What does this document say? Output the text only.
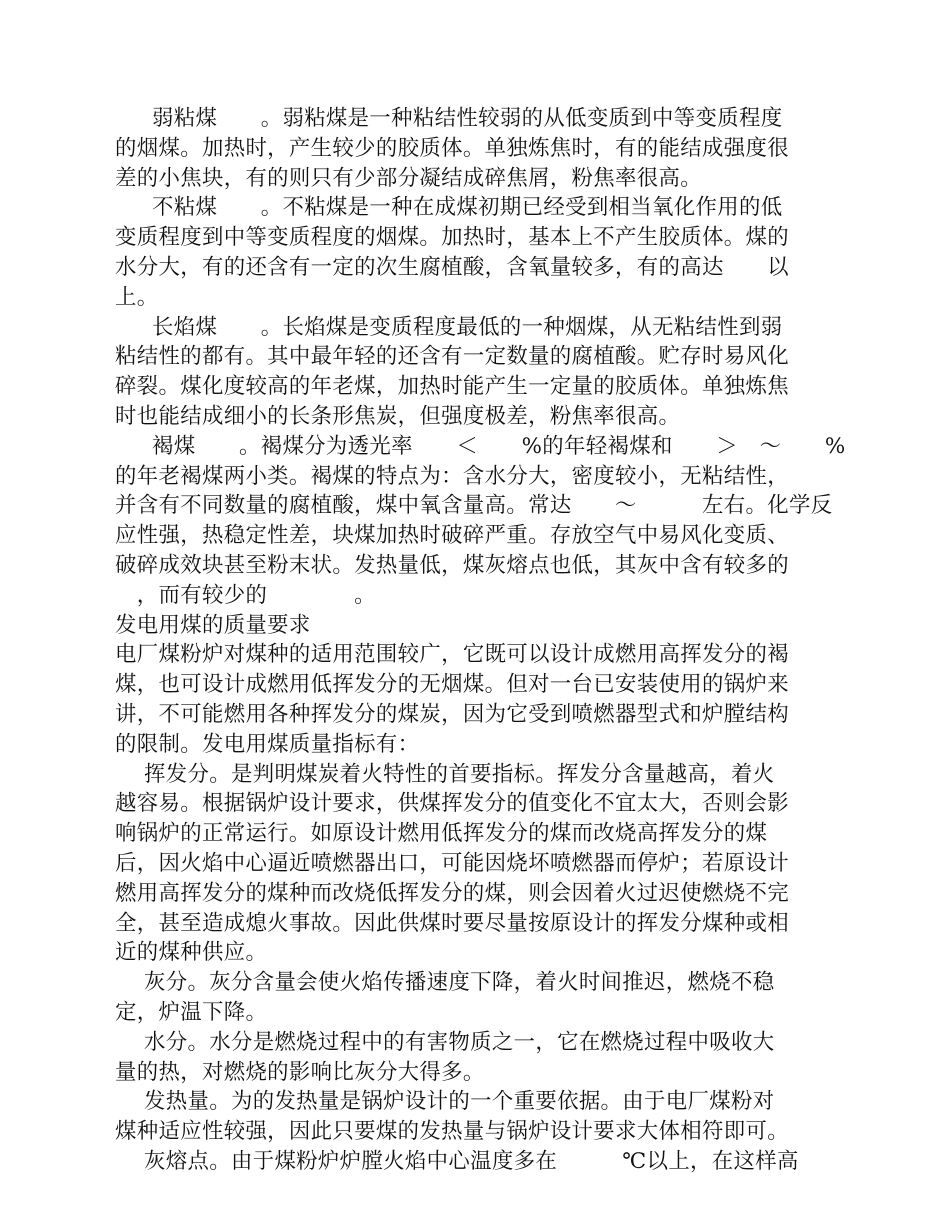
弱粘煤　　。弱粘煤是一种粘结性较弱的从低变质到中等变质程度
的烟煤。加热时，产生较少的胶质体。单独炼焦时，有的能结成强度很
差的小焦块，有的则只有少部分凝结成碎焦屑，粉焦率很高。
不粘煤　　。不粘煤是一种在成煤初期已经受到相当氧化作用的低
变质程度到中等变质程度的烟煤。加热时，基本上不产生胶质体。煤的
水分大，有的还含有一定的次生腐植酸，含氧量较多，有的高达　　以
上。
长焰煤　　。长焰煤是变质程度最低的一种烟煤，从无粘结性到弱
粘结性的都有。其中最年轻的还含有一定数量的腐植酸。贮存时易风化
碎裂。煤化度较高的年老煤，加热时能产生一定量的胶质体。单独炼焦
时也能结成细小的长条形焦炭，但强度极差，粉焦率很高。
褐煤　　。褐煤分为透光率　　＜　　%的年轻褐煤和　　＞　～　　%
的年老褐煤两小类。褐煤的特点为：含水分大，密度较小，无粘结性，
并含有不同数量的腐植酸，煤中氧含量高。常达　　～　　　左右。化学反
应性强，热稳定性差，块煤加热时破碎严重。存放空气中易风化变质、
破碎成效块甚至粉末状。发热量低，煤灰熔点也低，其灰中含有较多的
　，而有较少的　　　　。
发电用煤的质量要求
电厂煤粉炉对煤种的适用范围较广，它既可以设计成燃用高挥发分的褐
煤，也可设计成燃用低挥发分的无烟煤。但对一台已安装使用的锅炉来
讲，不可能燃用各种挥发分的煤炭，因为它受到喷燃器型式和炉膛结构
的限制。发电用煤质量指标有：
挥发分。是判明煤炭着火特性的首要指标。挥发分含量越高，着火
越容易。根据锅炉设计要求，供煤挥发分的值变化不宜太大，否则会影
响锅炉的正常运行。如原设计燃用低挥发分的煤而改烧高挥发分的煤
后，因火焰中心逼近喷燃器出口，可能因烧坏喷燃器而停炉；若原设计
燃用高挥发分的煤种而改烧低挥发分的煤，则会因着火过迟使燃烧不完
全，甚至造成熄火事故。因此供煤时要尽量按原设计的挥发分煤种或相
近的煤种供应。
灰分。灰分含量会使火焰传播速度下降，着火时间推迟，燃烧不稳
定，炉温下降。
水分。水分是燃烧过程中的有害物质之一，它在燃烧过程中吸收大
量的热，对燃烧的影响比灰分大得多。
发热量。为的发热量是锅炉设计的一个重要依据。由于电厂煤粉对
煤种适应性较强，因此只要煤的发热量与锅炉设计要求大体相符即可。
灰熔点。由于煤粉炉炉膛火焰中心温度多在　　　℃以上，在这样高
